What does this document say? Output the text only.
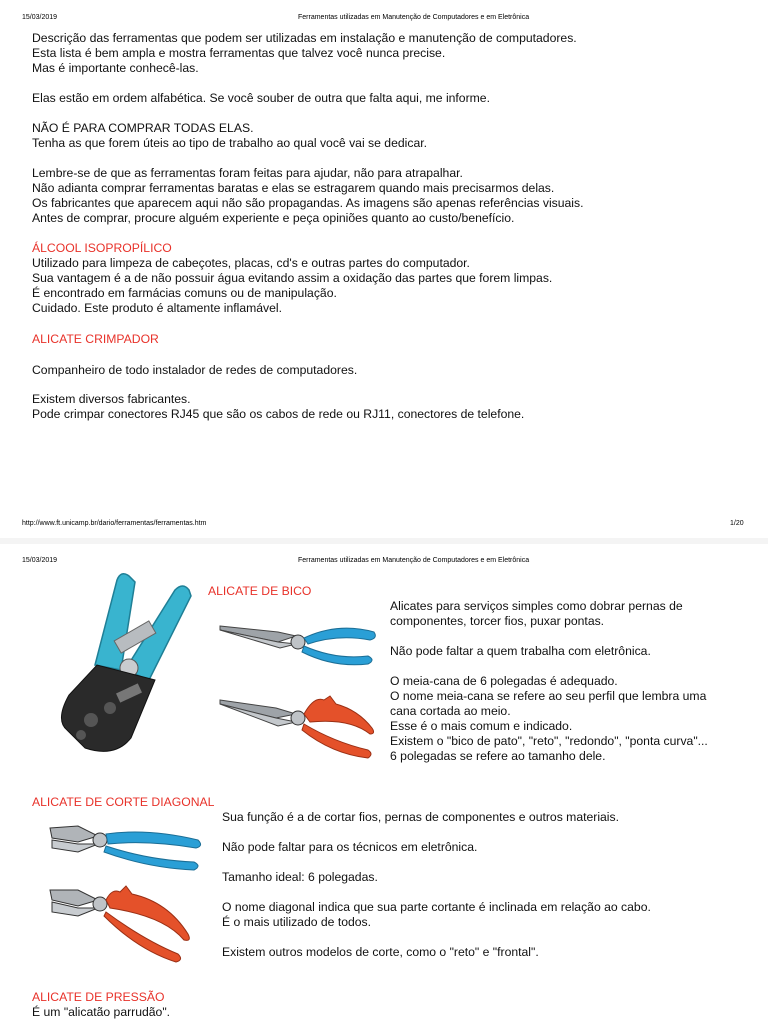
15/03/2019	Ferramentas utilizadas em Manutenção de Computadores e em Eletrônica
Descrição das ferramentas que podem ser utilizadas em instalação e manutenção de computadores.
Esta lista é bem ampla e mostra ferramentas que talvez você nunca precise.
Mas é importante conhecê-las.
Elas estão em ordem alfabética. Se você souber de outra que falta aqui, me informe.
NÃO É PARA COMPRAR TODAS ELAS.
Tenha as que forem úteis ao tipo de trabalho ao qual você vai se dedicar.
Lembre-se de que as ferramentas foram feitas para ajudar, não para atrapalhar.
Não adianta comprar ferramentas baratas e elas se estragarem quando mais precisarmos delas.
Os fabricantes que aparecem aqui não são propagandas. As imagens são apenas referências visuais.
Antes de comprar, procure alguém experiente e peça opiniões quanto ao custo/benefício.
ÁLCOOL ISOPROPÍLICO
Utilizado para limpeza de cabeçotes, placas, cd's e outras partes do computador.
Sua vantagem é a de não possuir água evitando assim a oxidação das partes que forem limpas.
É encontrado em farmácias comuns ou de manipulação.
Cuidado. Este produto é altamente inflamável.
ALICATE CRIMPADOR
Companheiro de todo instalador de redes de computadores.
Existem diversos fabricantes.
Pode crimpar conectores RJ45 que são os cabos de rede ou RJ11, conectores de telefone.
http://www.ft.unicamp.br/dario/ferramentas/ferramentas.htm	1/20
15/03/2019	Ferramentas utilizadas em Manutenção de Computadores e em Eletrônica
ALICATE DE BICO
Alicates para serviços simples como dobrar pernas de
componentes, torcer fios, puxar pontas.
Não pode faltar a quem trabalha com eletrônica.
O meia-cana de 6 polegadas é adequado.
O nome meia-cana se refere ao seu perfil que lembra uma
cana cortada ao meio.
Esse é o mais comum e indicado.
Existem o "bico de pato", "reto", "redondo", "ponta curva"...
6 polegadas se refere ao tamanho dele.
ALICATE DE CORTE DIAGONAL
Sua função é a de cortar fios, pernas de componentes e outros materiais.
Não pode faltar para os técnicos em eletrônica.
Tamanho ideal: 6 polegadas.
O nome diagonal indica que sua parte cortante é inclinada em relação ao cabo.
É o mais utilizado de todos.
Existem outros modelos de corte, como o "reto" e "frontal".
ALICATE DE PRESSÃO
É um "alicatão parrudão".
